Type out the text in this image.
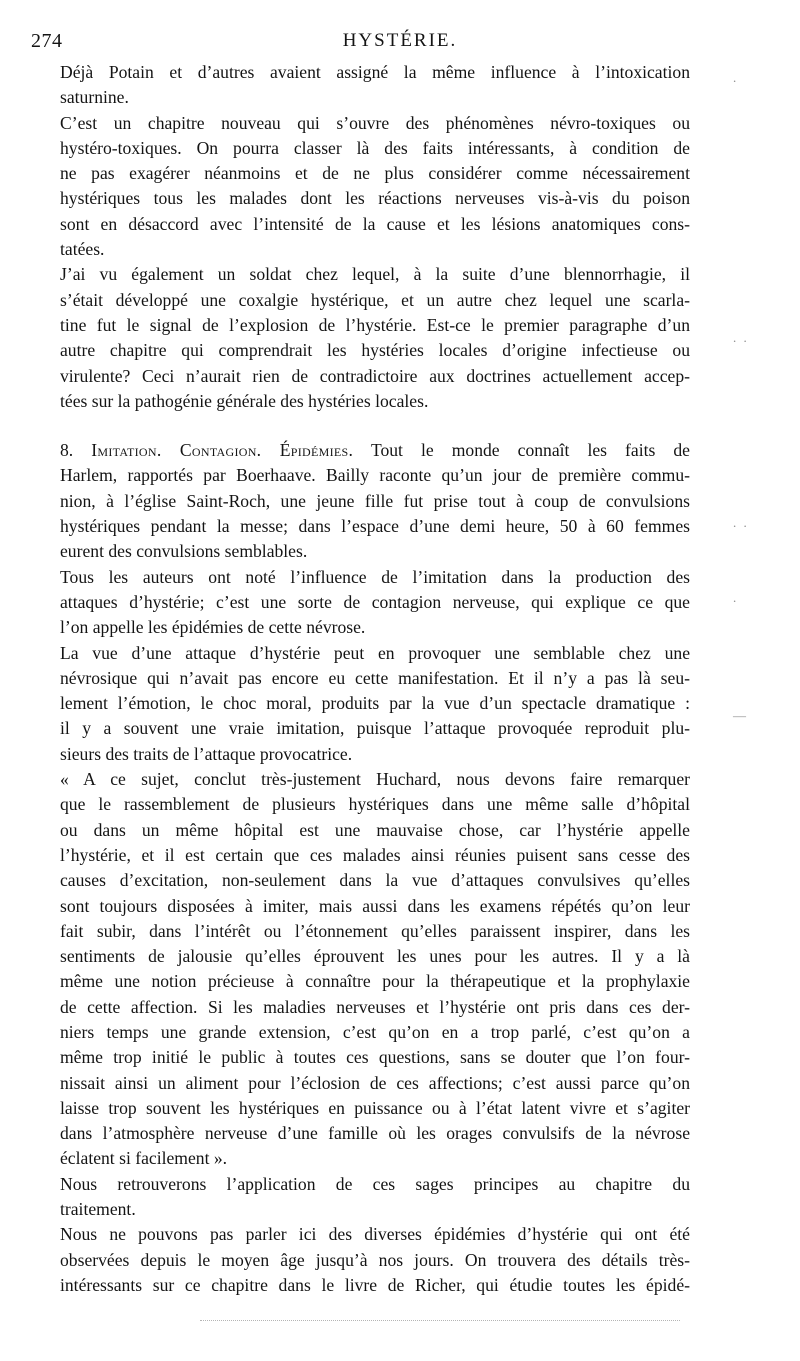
274	HYSTÉRIE.
Déjà Potain et d’autres avaient assigné la même influence à l’intoxication
saturnine.
C’est un chapitre nouveau qui s’ouvre des phénomènes névro-toxiques ou
hystéro-toxiques. On pourra classer là des faits intéressants, à condition de
ne pas exagérer néanmoins et de ne plus considérer comme nécessairement
hystériques tous les malades dont les réactions nerveuses vis-à-vis du poison
sont en désaccord avec l’intensité de la cause et les lésions anatomiques cons-
tatées.
J’ai vu également un soldat chez lequel, à la suite d’une blennorrhagie, il
s’était développé une coxalgie hystérique, et un autre chez lequel une scarla-
tine fut le signal de l’explosion de l’hystérie. Est-ce le premier paragraphe d’un
autre chapitre qui comprendrait les hystéries locales d’origine infectieuse ou
virulente? Ceci n’aurait rien de contradictoire aux doctrines actuellement accep-
tées sur la pathogénie générale des hystéries locales.
8. Imitation. Contagion. Épidémies. Tout le monde connaît les faits de
Harlem, rapportés par Boerhaave. Bailly raconte qu’un jour de première commu-
nion, à l’église Saint-Roch, une jeune fille fut prise tout à coup de convulsions
hystériques pendant la messe; dans l’espace d’une demi heure, 50 à 60 femmes
eurent des convulsions semblables.
Tous les auteurs ont noté l’influence de l’imitation dans la production des
attaques d’hystérie; c’est une sorte de contagion nerveuse, qui explique ce que
l’on appelle les épidémies de cette névrose.
La vue d’une attaque d’hystérie peut en provoquer une semblable chez une
névrosique qui n’avait pas encore eu cette manifestation. Et il n’y a pas là seu-
lement l’émotion, le choc moral, produits par la vue d’un spectacle dramatique :
il y a souvent une vraie imitation, puisque l’attaque provoquée reproduit plu-
sieurs des traits de l’attaque provocatrice.
« A ce sujet, conclut très-justement Huchard, nous devons faire remarquer
que le rassemblement de plusieurs hystériques dans une même salle d’hôpital
ou dans un même hôpital est une mauvaise chose, car l’hystérie appelle
l’hystérie, et il est certain que ces malades ainsi réunies puisent sans cesse des
causes d’excitation, non-seulement dans la vue d’attaques convulsives qu’elles
sont toujours disposées à imiter, mais aussi dans les examens répétés qu’on leur
fait subir, dans l’intérêt ou l’étonnement qu’elles paraissent inspirer, dans les
sentiments de jalousie qu’elles éprouvent les unes pour les autres. Il y a là
même une notion précieuse à connaître pour la thérapeutique et la prophylaxie
de cette affection. Si les maladies nerveuses et l’hystérie ont pris dans ces der-
niers temps une grande extension, c’est qu’on en a trop parlé, c’est qu’on a
même trop initié le public à toutes ces questions, sans se douter que l’on four-
nissait ainsi un aliment pour l’éclosion de ces affections; c’est aussi parce qu’on
laisse trop souvent les hystériques en puissance ou à l’état latent vivre et s’agiter
dans l’atmosphère nerveuse d’une famille où les orages convulsifs de la névrose
éclatent si facilement ».
Nous retrouverons l’application de ces sages principes au chapitre du
traitement.
Nous ne pouvons pas parler ici des diverses épidémies d’hystérie qui ont été
observées depuis le moyen âge jusqu’à nos jours. On trouvera des détails très-
intéressants sur ce chapitre dans le livre de Richer, qui étudie toutes les épidé-
.
. .
. .
.
—
